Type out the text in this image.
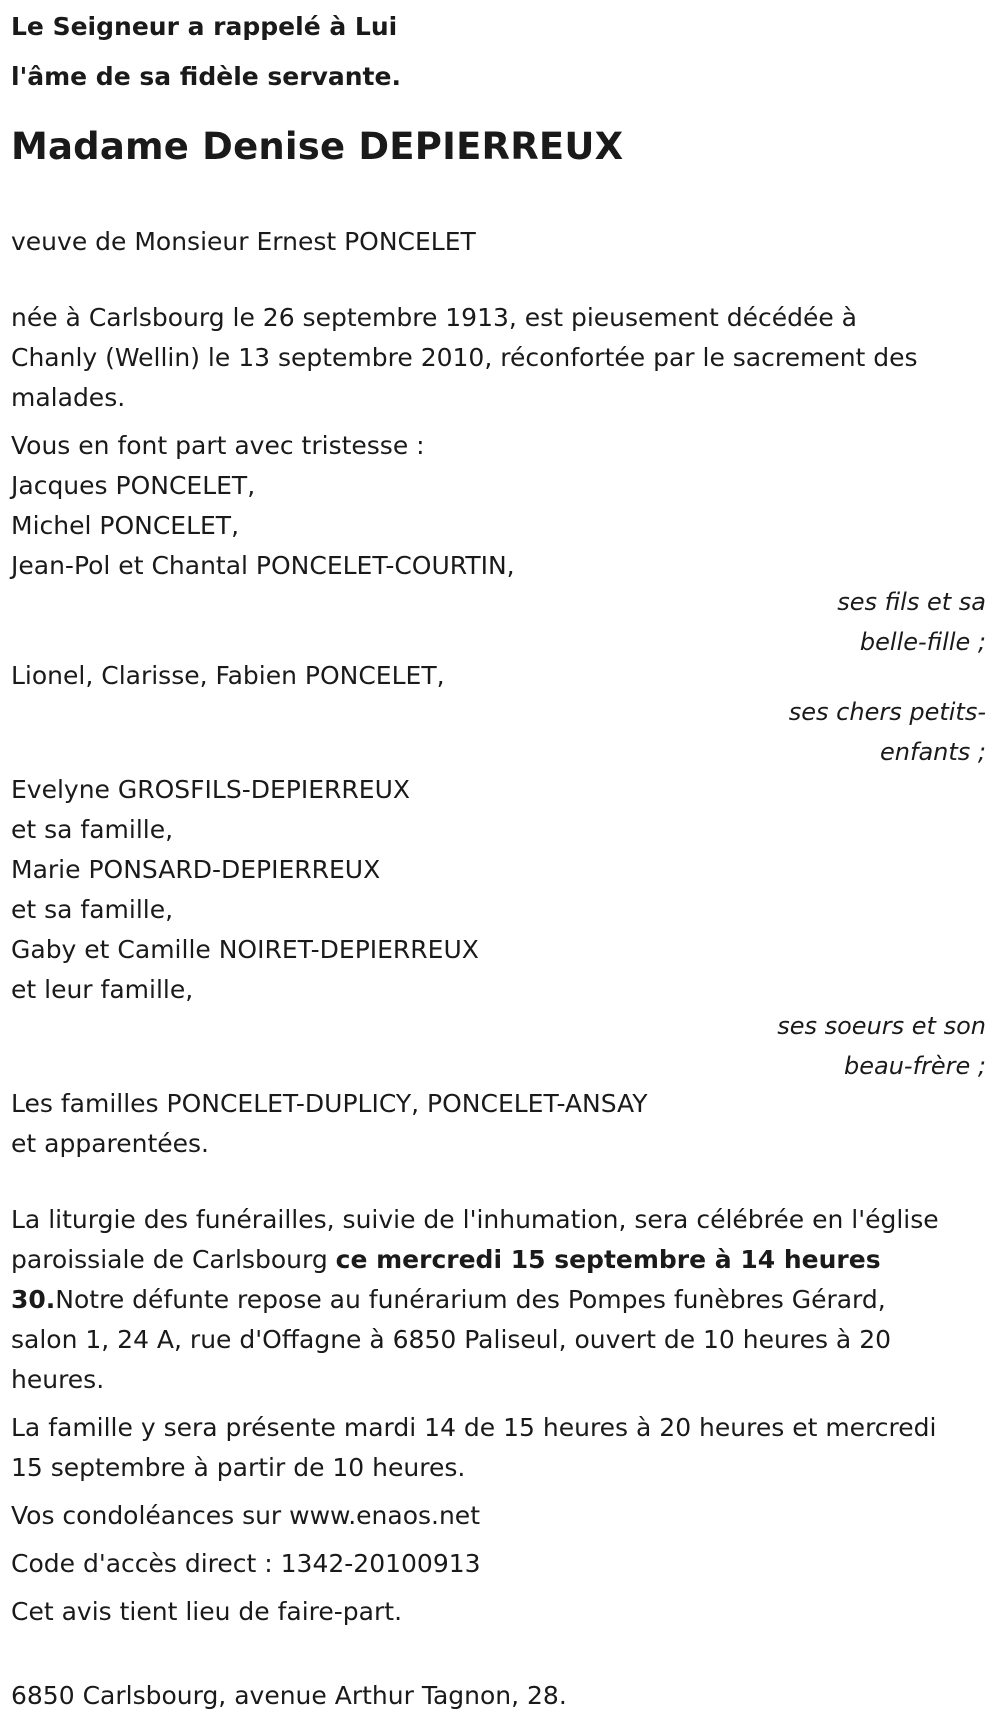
Le Seigneur a rappelé à Lui
l'âme de sa fidèle servante.
Madame Denise DEPIERREUX

veuve de Monsieur Ernest PONCELET

née à Carlsbourg le 26 septembre 1913, est pieusement décédée à

Chanly (Wellin) le 13 septembre 2010, réconfortée par le sacrement des

malades.

Vous en font part avec tristesse :

Jacques PONCELET,

Michel PONCELET,

Jean-Pol et Chantal PONCELET-COURTIN,

ses fils et sa
belle-fille ;

Lionel, Clarisse, Fabien PONCELET,

ses chers petits-
enfants ;

Evelyne GROSFILS-DEPIERREUX

et sa famille,

Marie PONSARD-DEPIERREUX

et sa famille,

Gaby et Camille NOIRET-DEPIERREUX

et leur famille,

ses soeurs et son
beau-frère ;

Les familles PONCELET-DUPLICY, PONCELET-ANSAY

et apparentées.

La liturgie des funérailles, suivie de l'inhumation, sera célébrée en l'église

paroissiale de Carlsbourg ce mercredi 15 septembre à 14 heures

30.Notre défunte repose au funérarium des Pompes funèbres Gérard,

salon 1, 24 A, rue d'Offagne à 6850 Paliseul, ouvert de 10 heures à 20

heures.

La famille y sera présente mardi 14 de 15 heures à 20 heures et mercredi

15 septembre à partir de 10 heures.

Vos condoléances sur www.enaos.net

Code d'accès direct : 1342-20100913

Cet avis tient lieu de faire-part.

6850 Carlsbourg, avenue Arthur Tagnon, 28.
